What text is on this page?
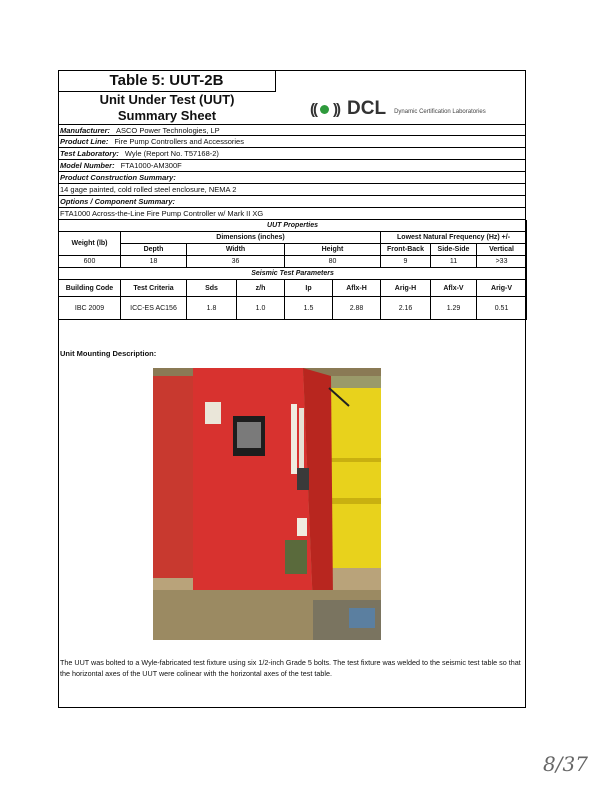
Table 5: UUT-2B
Unit Under Test (UUT)
Summary Sheet	(( )) DCL Dynamic Certification Laboratories
Manufacturer: ASCO Power Technologies, LP
Product Line: Fire Pump Controllers and Accessories
Test Laboratory: Wyle (Report No. T57168-2)
Model Number: FTA1000-AM300F
Product Construction Summary:
14 gage painted, cold rolled steel enclosure, NEMA 2
Options / Component Summary:
FTA1000 Across-the-Line Fire Pump Controller w/ Mark II XG
UUT Properties								
Weight (lb)	Dimensions (inches)					Lowest Natural Frequency (Hz) +/-		
	Depth	Width		Height		Front-Back	Side-Side	Vertical
600	18	36		80		9	11	>33
Seismic Test Parameters								
Building Code	Test Criteria	Sds	z/h	Ip	Aflx-H	Arig-H	Aflx-V	Arig-V
IBC 2009	ICC-ES AC156	1.8	1.0	1.5	2.88	2.16	1.29	0.51
Unit Mounting Description:
The UUT was bolted to a Wyle-fabricated test fixture using six 1/2-inch Grade 5 bolts. The test fixture was welded to the seismic test table so that the horizontal axes of the UUT were colinear with the horizontal axes of the test table.
8/37
